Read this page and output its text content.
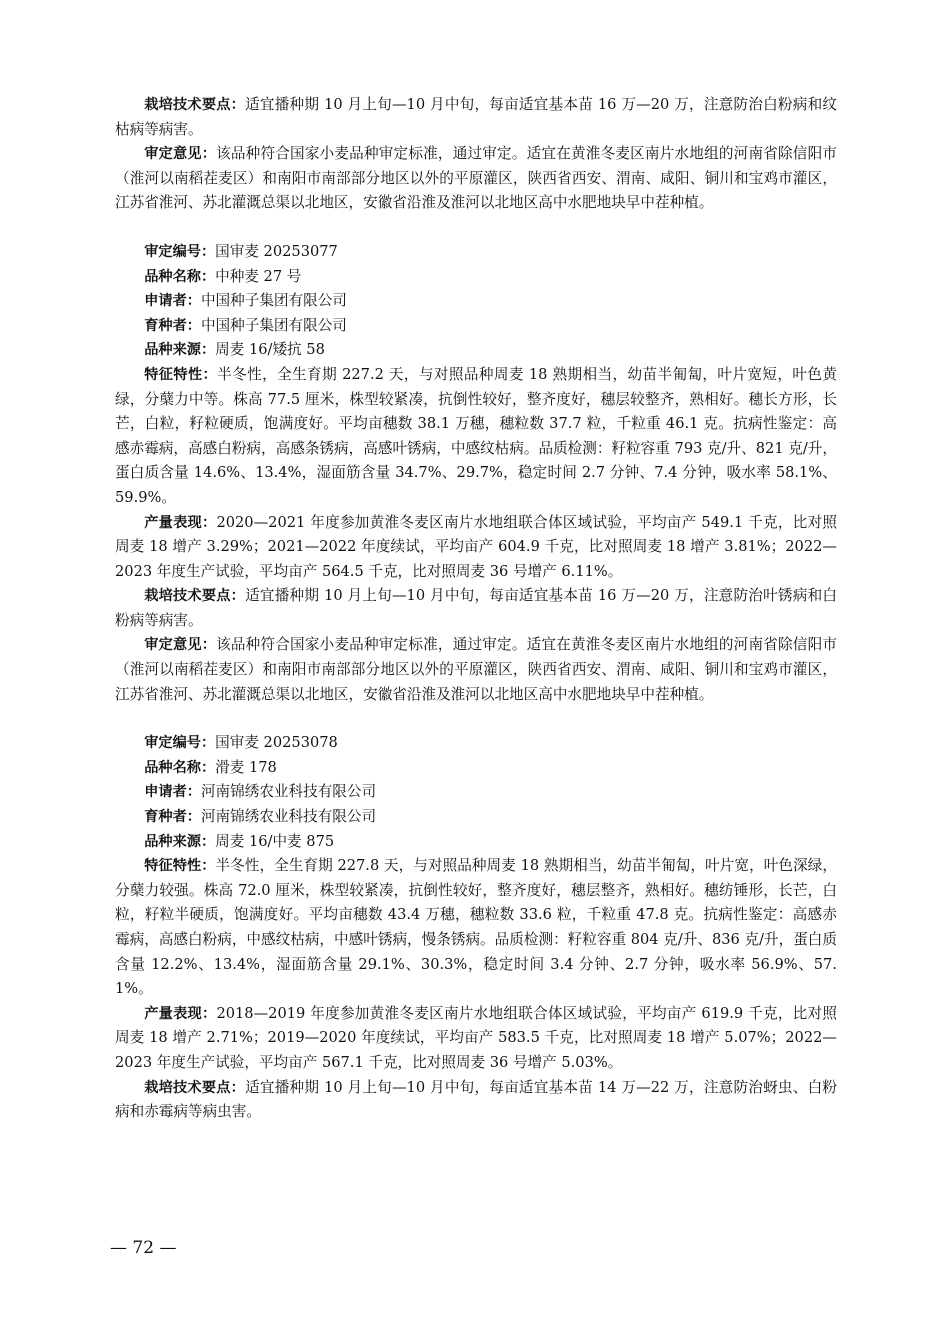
栽培技术要点：适宜播种期 10 月上旬—10 月中旬，每亩适宜基本苗 16 万—20 万，注意防治白粉病和纹枯病等病害。

审定意见：该品种符合国家小麦品种审定标准，通过审定。适宜在黄淮冬麦区南片水地组的河南省除信阳市（淮河以南稻茬麦区）和南阳市南部部分地区以外的平原灌区，陕西省西安、渭南、咸阳、铜川和宝鸡市灌区，江苏省淮河、苏北灌溉总渠以北地区，安徽省沿淮及淮河以北地区高中水肥地块早中茬种植。

审定编号：国审麦 20253077

品种名称：中种麦 27 号

申请者：中国种子集团有限公司

育种者：中国种子集团有限公司

品种来源：周麦 16/矮抗 58

特征特性：半冬性，全生育期 227.2 天，与对照品种周麦 18 熟期相当，幼苗半匍匐，叶片宽短，叶色黄绿，分蘖力中等。株高 77.5 厘米，株型较紧凑，抗倒性较好，整齐度好，穗层较整齐，熟相好。穗长方形，长芒，白粒，籽粒硬质，饱满度好。平均亩穗数 38.1 万穗，穗粒数 37.7 粒，千粒重 46.1 克。抗病性鉴定：高感赤霉病，高感白粉病，高感条锈病，高感叶锈病，中感纹枯病。品质检测：籽粒容重 793 克/升、821 克/升，蛋白质含量 14.6%、13.4%，湿面筋含量 34.7%、29.7%，稳定时间 2.7 分钟、7.4 分钟，吸水率 58.1%、59.9%。

产量表现：2020—2021 年度参加黄淮冬麦区南片水地组联合体区域试验，平均亩产 549.1 千克，比对照周麦 18 增产 3.29%；2021—2022 年度续试，平均亩产 604.9 千克，比对照周麦 18 增产 3.81%；2022—2023 年度生产试验，平均亩产 564.5 千克，比对照周麦 36 号增产 6.11%。

栽培技术要点：适宜播种期 10 月上旬—10 月中旬，每亩适宜基本苗 16 万—20 万，注意防治叶锈病和白粉病等病害。

审定意见：该品种符合国家小麦品种审定标准，通过审定。适宜在黄淮冬麦区南片水地组的河南省除信阳市（淮河以南稻茬麦区）和南阳市南部部分地区以外的平原灌区，陕西省西安、渭南、咸阳、铜川和宝鸡市灌区，江苏省淮河、苏北灌溉总渠以北地区，安徽省沿淮及淮河以北地区高中水肥地块早中茬种植。

审定编号：国审麦 20253078

品种名称：滑麦 178

申请者：河南锦绣农业科技有限公司

育种者：河南锦绣农业科技有限公司

品种来源：周麦 16/中麦 875

特征特性：半冬性，全生育期 227.8 天，与对照品种周麦 18 熟期相当，幼苗半匍匐，叶片宽，叶色深绿，分蘖力较强。株高 72.0 厘米，株型较紧凑，抗倒性较好，整齐度好，穗层整齐，熟相好。穗纺锤形，长芒，白粒，籽粒半硬质，饱满度好。平均亩穗数 43.4 万穗，穗粒数 33.6 粒，千粒重 47.8 克。抗病性鉴定：高感赤霉病，高感白粉病，中感纹枯病，中感叶锈病，慢条锈病。品质检测：籽粒容重 804 克/升、836 克/升，蛋白质含量 12.2%、13.4%，湿面筋含量 29.1%、30.3%，稳定时间 3.4 分钟、2.7 分钟，吸水率 56.9%、57.1%。

产量表现：2018—2019 年度参加黄淮冬麦区南片水地组联合体区域试验，平均亩产 619.9 千克，比对照周麦 18 增产 2.71%；2019—2020 年度续试，平均亩产 583.5 千克，比对照周麦 18 增产 5.07%；2022—2023 年度生产试验，平均亩产 567.1 千克，比对照周麦 36 号增产 5.03%。

栽培技术要点：适宜播种期 10 月上旬—10 月中旬，每亩适宜基本苗 14 万—22 万，注意防治蚜虫、白粉病和赤霉病等病虫害。

— 72 —
